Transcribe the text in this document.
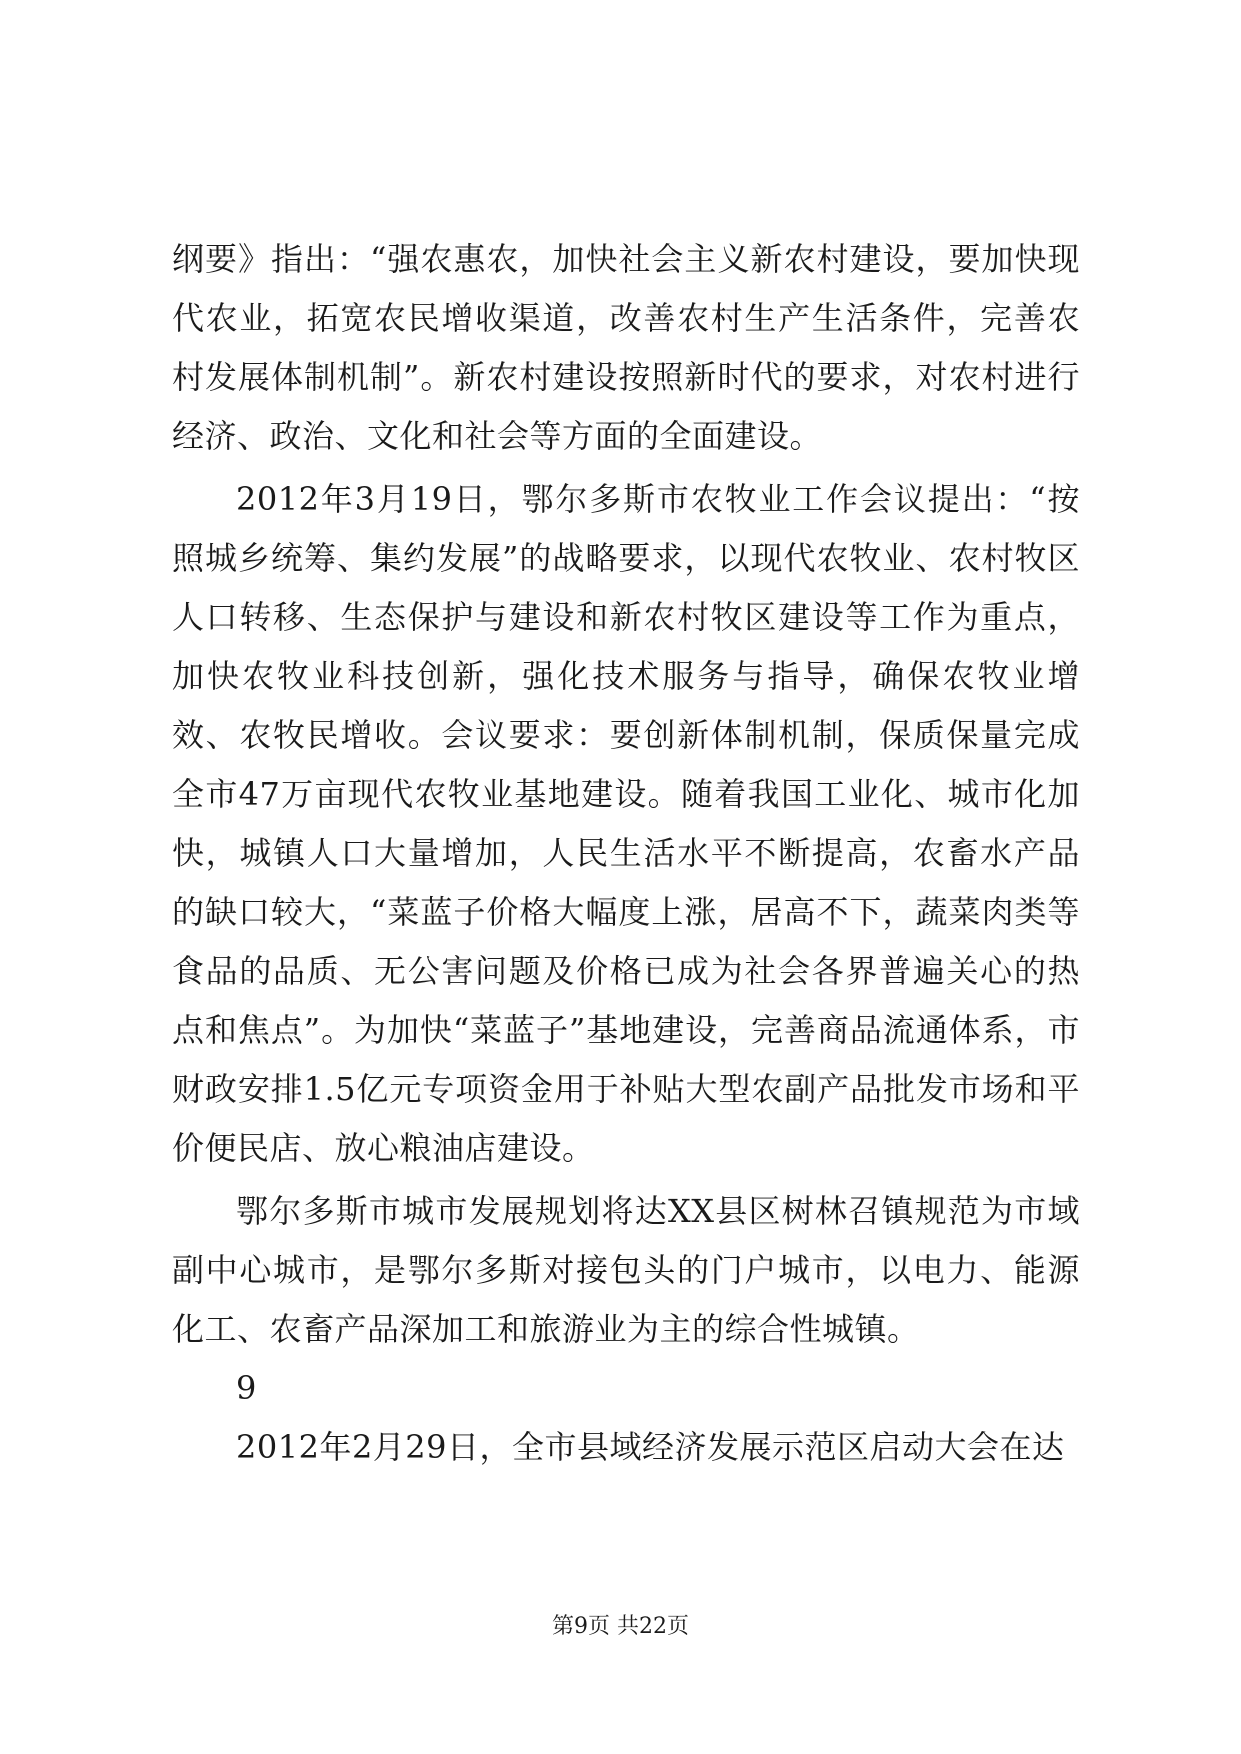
纲要》指出：“强农惠农，加快社会主义新农村建设，要加快现代农业，拓宽农民增收渠道，改善农村生产生活条件，完善农村发展体制机制”。新农村建设按照新时代的要求，对农村进行经济、政治、文化和社会等方面的全面建设。

2012年3月19日，鄂尔多斯市农牧业工作会议提出：“按照城乡统筹、集约发展”的战略要求，以现代农牧业、农村牧区人口转移、生态保护与建设和新农村牧区建设等工作为重点，加快农牧业科技创新，强化技术服务与指导，确保农牧业增效、农牧民增收。会议要求：要创新体制机制，保质保量完成全市47万亩现代农牧业基地建设。随着我国工业化、城市化加快，城镇人口大量增加，人民生活水平不断提高，农畜水产品的缺口较大，“菜蓝子价格大幅度上涨，居高不下，蔬菜肉类等食品的品质、无公害问题及价格已成为社会各界普遍关心的热点和焦点”。为加快“菜蓝子”基地建设，完善商品流通体系，市财政安排1.5亿元专项资金用于补贴大型农副产品批发市场和平价便民店、放心粮油店建设。

鄂尔多斯市城市发展规划将达XX县区树林召镇规范为市域副中心城市，是鄂尔多斯对接包头的门户城市，以电力、能源化工、农畜产品深加工和旅游业为主的综合性城镇。

9

2012年2月29日，全市县域经济发展示范区启动大会在达

第9页 共22页
